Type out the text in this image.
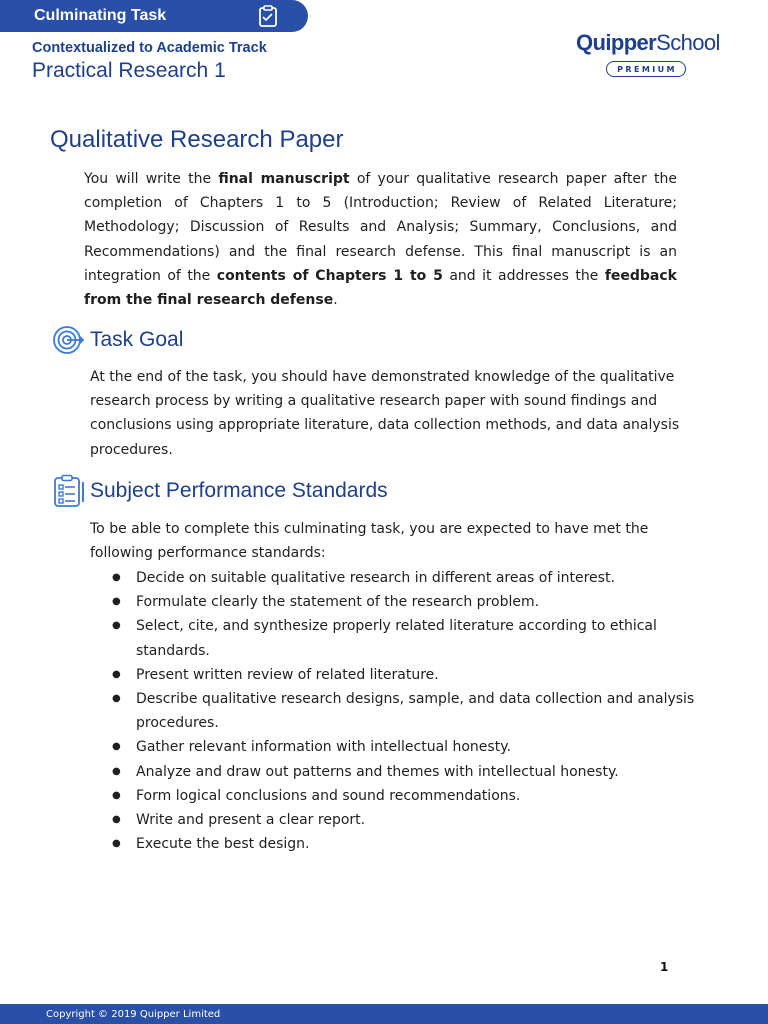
Culminating Task
Contextualized to Academic Track
Practical Research 1
QuipperSchool
PREMIUM
Qualitative Research Paper
You will write the final manuscript of your qualitative research paper after the completion of Chapters 1 to 5 (Introduction; Review of Related Literature; Methodology; Discussion of Results and Analysis; Summary, Conclusions, and Recommendations) and the final research defense. This final manuscript is an integration of the contents of Chapters 1 to 5 and it addresses the feedback from the final research defense.
Task Goal
At the end of the task, you should have demonstrated knowledge of the qualitative research process by writing a qualitative research paper with sound findings and conclusions using appropriate literature, data collection methods, and data analysis procedures.
Subject Performance Standards
To be able to complete this culminating task, you are expected to have met the following performance standards:
● Decide on suitable qualitative research in different areas of interest.
● Formulate clearly the statement of the research problem.
● Select, cite, and synthesize properly related literature according to ethical standards.
● Present written review of related literature.
● Describe qualitative research designs, sample, and data collection and analysis procedures.
● Gather relevant information with intellectual honesty.
● Analyze and draw out patterns and themes with intellectual honesty.
● Form logical conclusions and sound recommendations.
● Write and present a clear report.
● Execute the best design.
1
Copyright © 2019 Quipper Limited
